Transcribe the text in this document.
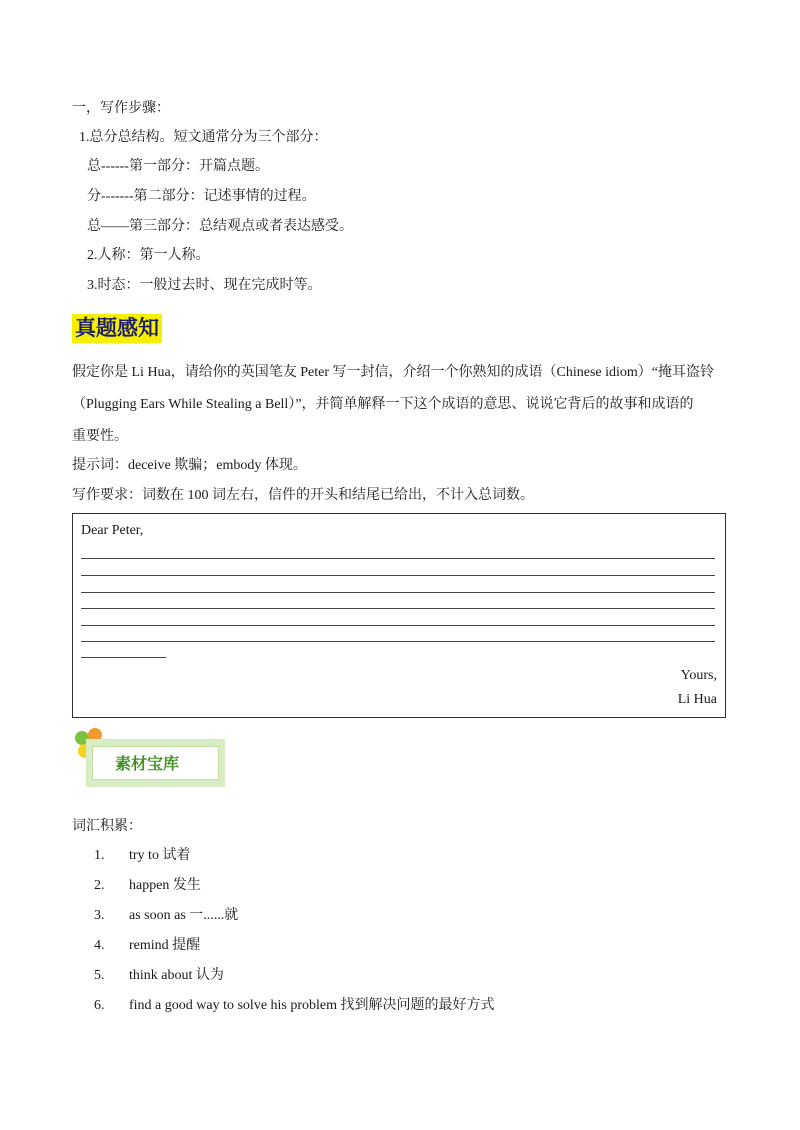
一，写作步骤：
1.总分总结构。短文通常分为三个部分：
总------第一部分：开篇点题。
分-------第二部分：记述事情的过程。
总——第三部分：总结观点或者表达感受。
2.人称：第一人称。
3.时态：一般过去时、现在完成时等。
真题感知
假定你是 Li Hua，请给你的英国笔友 Peter 写一封信，介绍一个你熟知的成语（Chinese idiom）“掩耳盗铃
（Plugging Ears While Stealing a Bell）”，并简单解释一下这个成语的意思、说说它背后的故事和成语的
重要性。
提示词：deceive 欺骗；embody 体现。
写作要求：词数在 100 词左右，信件的开头和结尾已给出，不计入总词数。
Dear Peter,
Yours,
Li Hua
素材宝库
词汇积累：
1. try to 试着
2. happen 发生
3. as soon as 一......就
4. remind 提醒
5. think about 认为
6. find a good way to solve his problem 找到解决问题的最好方式
